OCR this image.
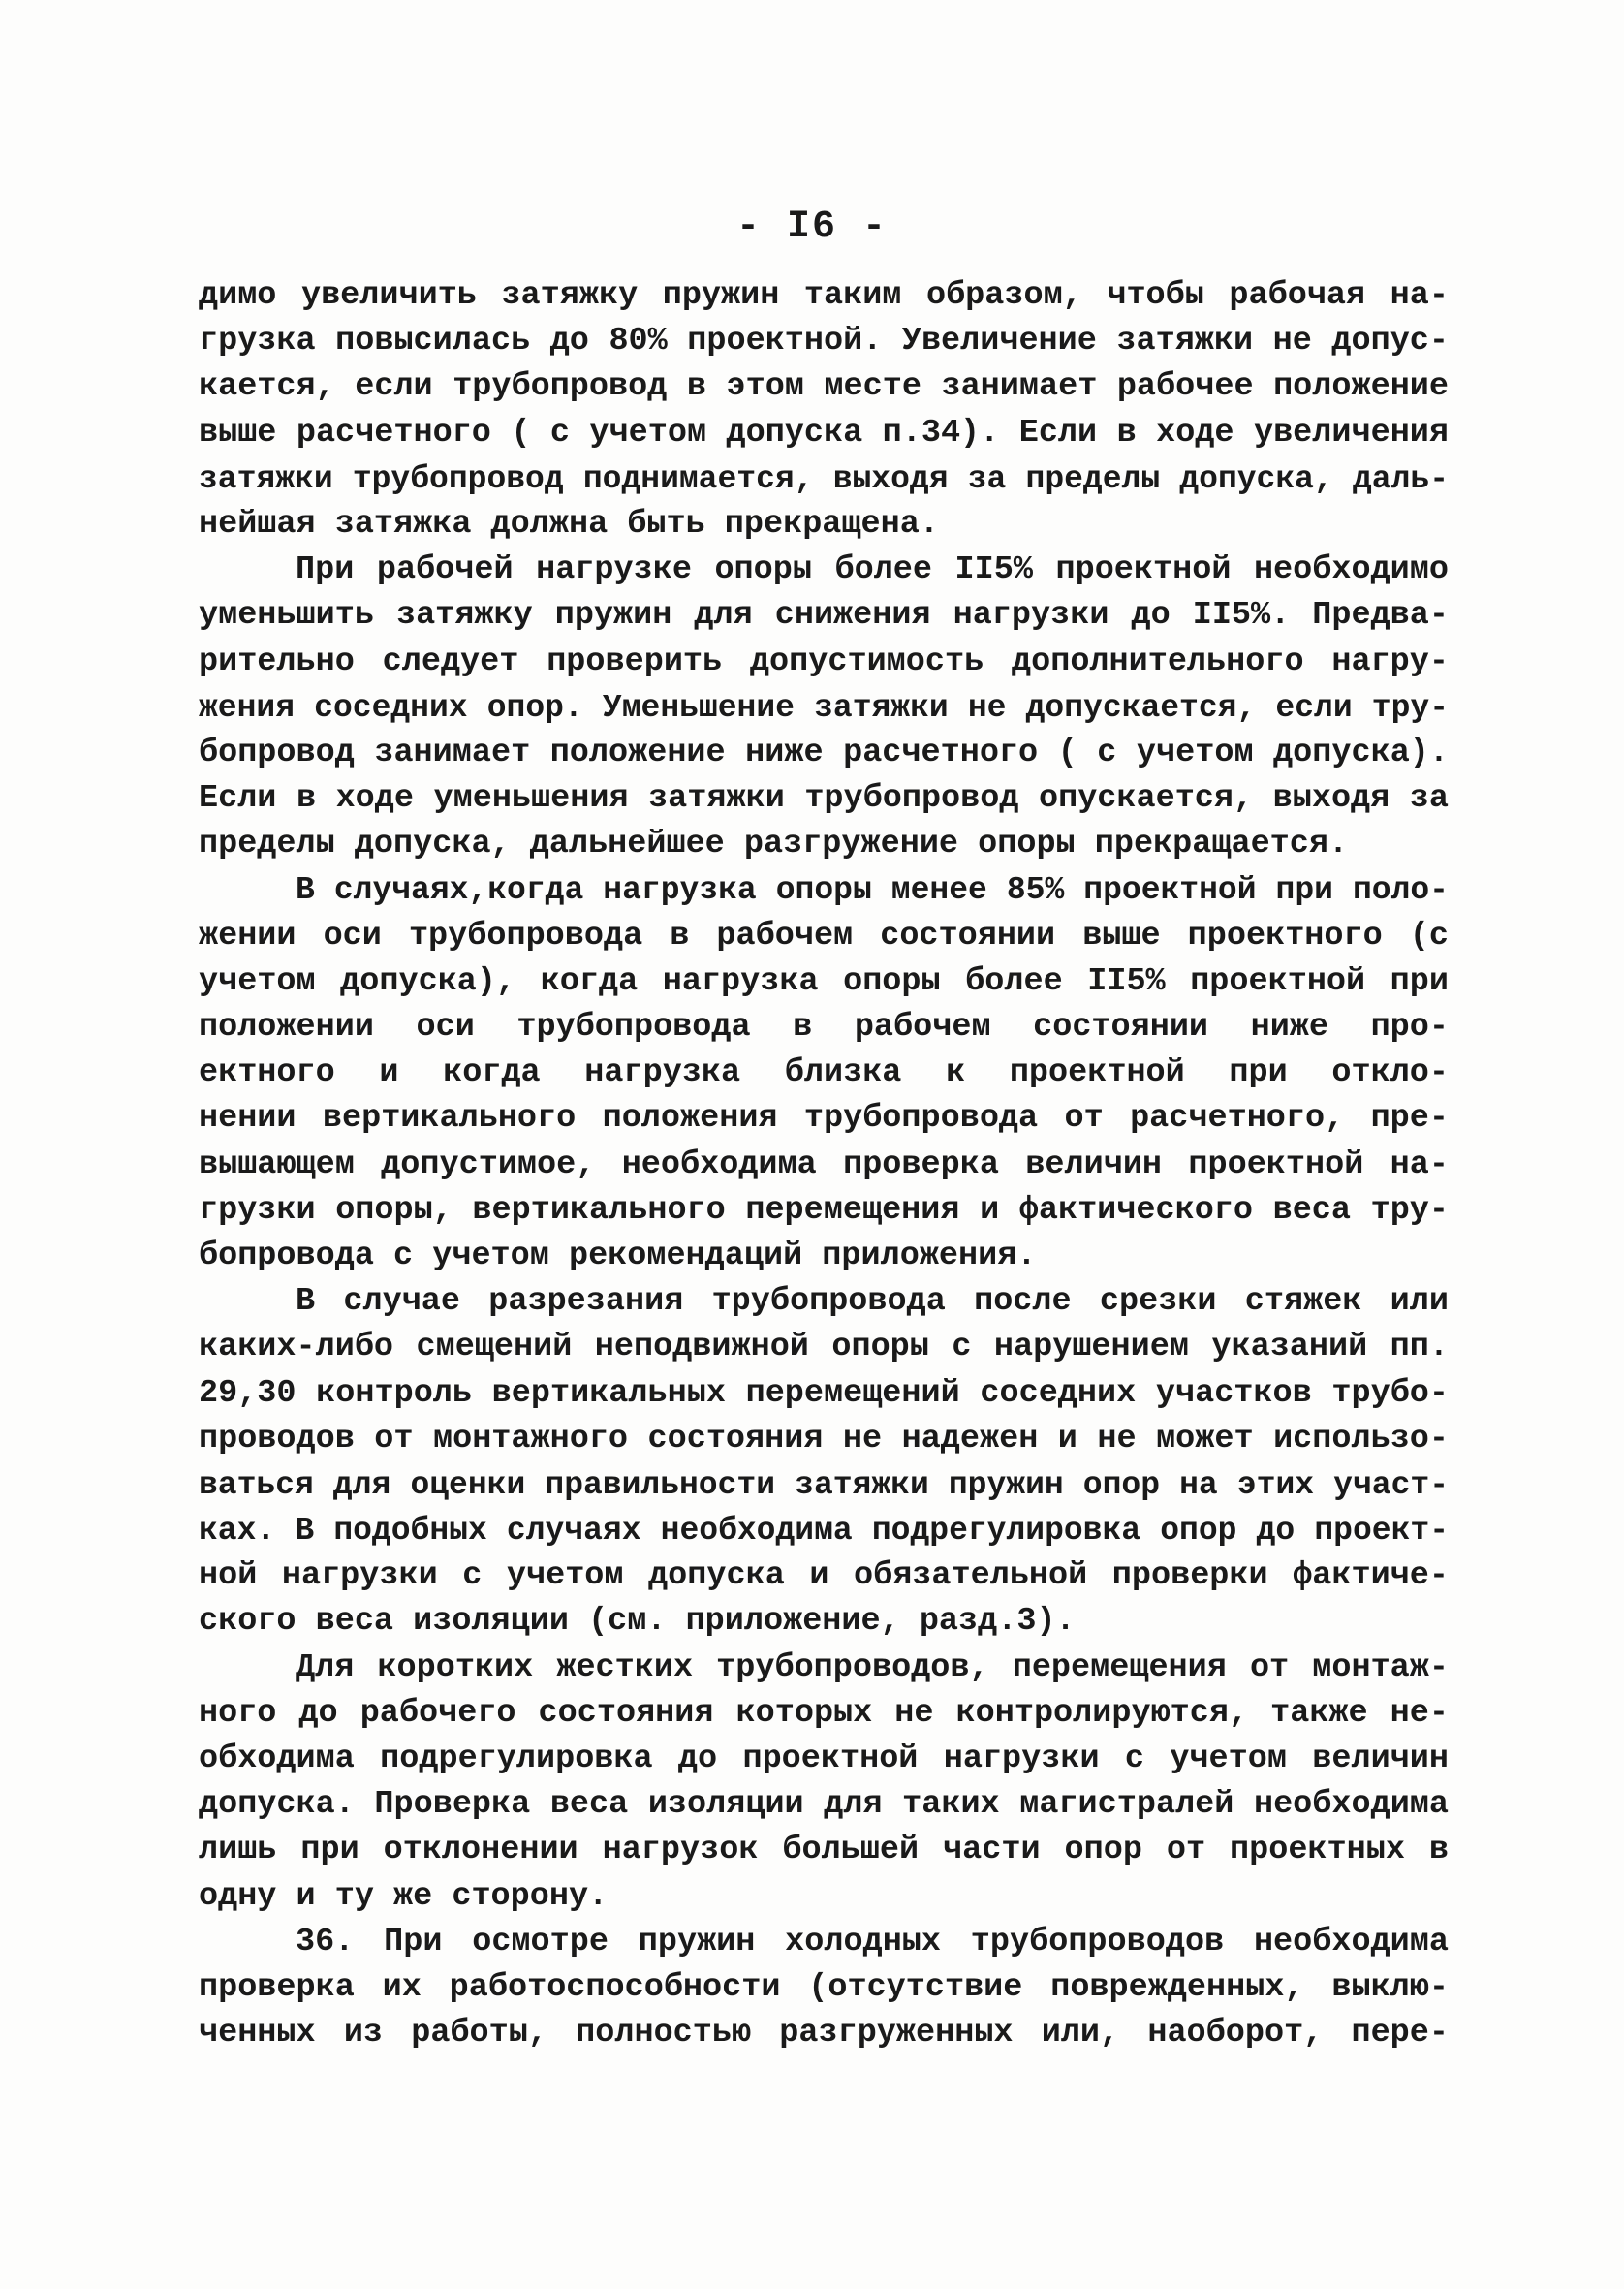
- I6 -
димо увеличить затяжку пружин таким образом, чтобы рабочая на-
грузка повысилась до 80% проектной. Увеличение затяжки не допус-
кается, если трубопровод в этом месте занимает рабочее положение
выше расчетного ( с учетом допуска п.34). Если в ходе увеличения
затяжки трубопровод поднимается, выходя за пределы допуска, даль-
нейшая затяжка должна быть прекращена.
При рабочей нагрузке опоры более II5% проектной необходимо
уменьшить затяжку пружин для снижения нагрузки до II5%. Предва-
рительно следует проверить допустимость дополнительного нагру-
жения соседних опор. Уменьшение затяжки не допускается, если тру-
бопровод занимает положение ниже расчетного ( с учетом допуска).
Если в ходе уменьшения затяжки трубопровод опускается, выходя за
пределы допуска, дальнейшее разгружение опоры прекращается.
В случаях,когда нагрузка опоры менее 85% проектной при поло-
жении оси трубопровода в рабочем состоянии выше проектного (с
учетом допуска), когда нагрузка опоры более II5% проектной при
положении оси трубопровода в рабочем состоянии ниже про-
ектного и когда нагрузка близка к проектной при откло-
нении вертикального положения трубопровода от расчетного, пре-
вышающем допустимое, необходима проверка величин проектной на-
грузки опоры, вертикального перемещения и фактического веса тру-
бопровода с учетом рекомендаций приложения.
В случае разрезания трубопровода после срезки стяжек или
каких-либо смещений неподвижной опоры с нарушением указаний пп.
29,30 контроль вертикальных перемещений соседних участков трубо-
проводов от монтажного состояния не надежен и не может использо-
ваться для оценки правильности затяжки пружин опор на этих участ-
ках. В подобных случаях необходима подрегулировка опор до проект-
ной нагрузки с учетом допуска и обязательной проверки фактиче-
ского веса изоляции (см. приложение, разд.3).
Для коротких жестких трубопроводов, перемещения от монтаж-
ного до рабочего состояния которых не контролируются, также не-
обходима подрегулировка до проектной нагрузки с учетом величин
допуска. Проверка веса изоляции для таких магистралей необходима
лишь при отклонении нагрузок большей части опор от проектных в
одну и ту же сторону.
36. При осмотре пружин холодных трубопроводов необходима
проверка их работоспособности (отсутствие поврежденных, выклю-
ченных из работы, полностью разгруженных или, наоборот, пере-
